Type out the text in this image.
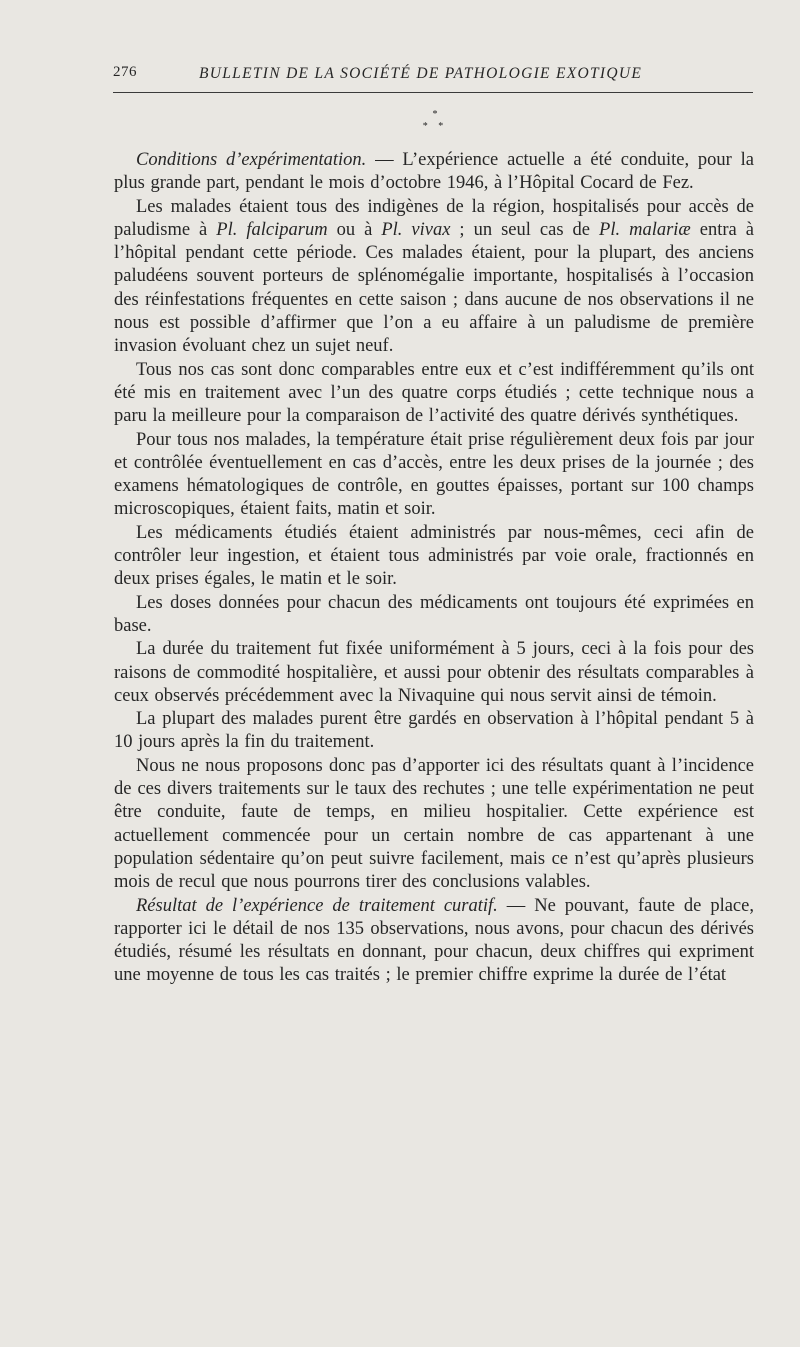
276	BULLETIN DE LA SOCIÉTÉ DE PATHOLOGIE EXOTIQUE
*
* *

Conditions d’expérimentation. — L’expérience actuelle a été conduite, pour la plus grande part, pendant le mois d’octobre 1946, à l’Hôpital Cocard de Fez.

Les malades étaient tous des indigènes de la région, hospitalisés pour accès de paludisme à Pl. falciparum ou à Pl. vivax ; un seul cas de Pl. malariæ entra à l’hôpital pendant cette période. Ces malades étaient, pour la plupart, des anciens paludéens souvent porteurs de splénomégalie importante, hospitalisés à l’occasion des réinfestations fréquentes en cette saison ; dans aucune de nos observations il ne nous est possible d’affirmer que l’on a eu affaire à un paludisme de première invasion évoluant chez un sujet neuf.

Tous nos cas sont donc comparables entre eux et c’est indifféremment qu’ils ont été mis en traitement avec l’un des quatre corps étudiés ; cette technique nous a paru la meilleure pour la comparaison de l’activité des quatre dérivés synthétiques.

Pour tous nos malades, la température était prise régulièrement deux fois par jour et contrôlée éventuellement en cas d’accès, entre les deux prises de la journée ; des examens hématologiques de contrôle, en gouttes épaisses, portant sur 100 champs microscopiques, étaient faits, matin et soir.

Les médicaments étudiés étaient administrés par nous-mêmes, ceci afin de contrôler leur ingestion, et étaient tous administrés par voie orale, fractionnés en deux prises égales, le matin et le soir.

Les doses données pour chacun des médicaments ont toujours été exprimées en base.

La durée du traitement fut fixée uniformément à 5 jours, ceci à la fois pour des raisons de commodité hospitalière, et aussi pour obtenir des résultats comparables à ceux observés précédemment avec la Nivaquine qui nous servit ainsi de témoin.

La plupart des malades purent être gardés en observation à l’hôpital pendant 5 à 10 jours après la fin du traitement.

Nous ne nous proposons donc pas d’apporter ici des résultats quant à l’incidence de ces divers traitements sur le taux des rechutes ; une telle expérimentation ne peut être conduite, faute de temps, en milieu hospitalier. Cette expérience est actuellement commencée pour un certain nombre de cas appartenant à une population sédentaire qu’on peut suivre facilement, mais ce n’est qu’après plusieurs mois de recul que nous pourrons tirer des conclusions valables.

Résultat de l’expérience de traitement curatif. — Ne pouvant, faute de place, rapporter ici le détail de nos 135 observations, nous avons, pour chacun des dérivés étudiés, résumé les résultats en donnant, pour chacun, deux chiffres qui expriment une moyenne de tous les cas traités ; le premier chiffre exprime la durée de l’état
